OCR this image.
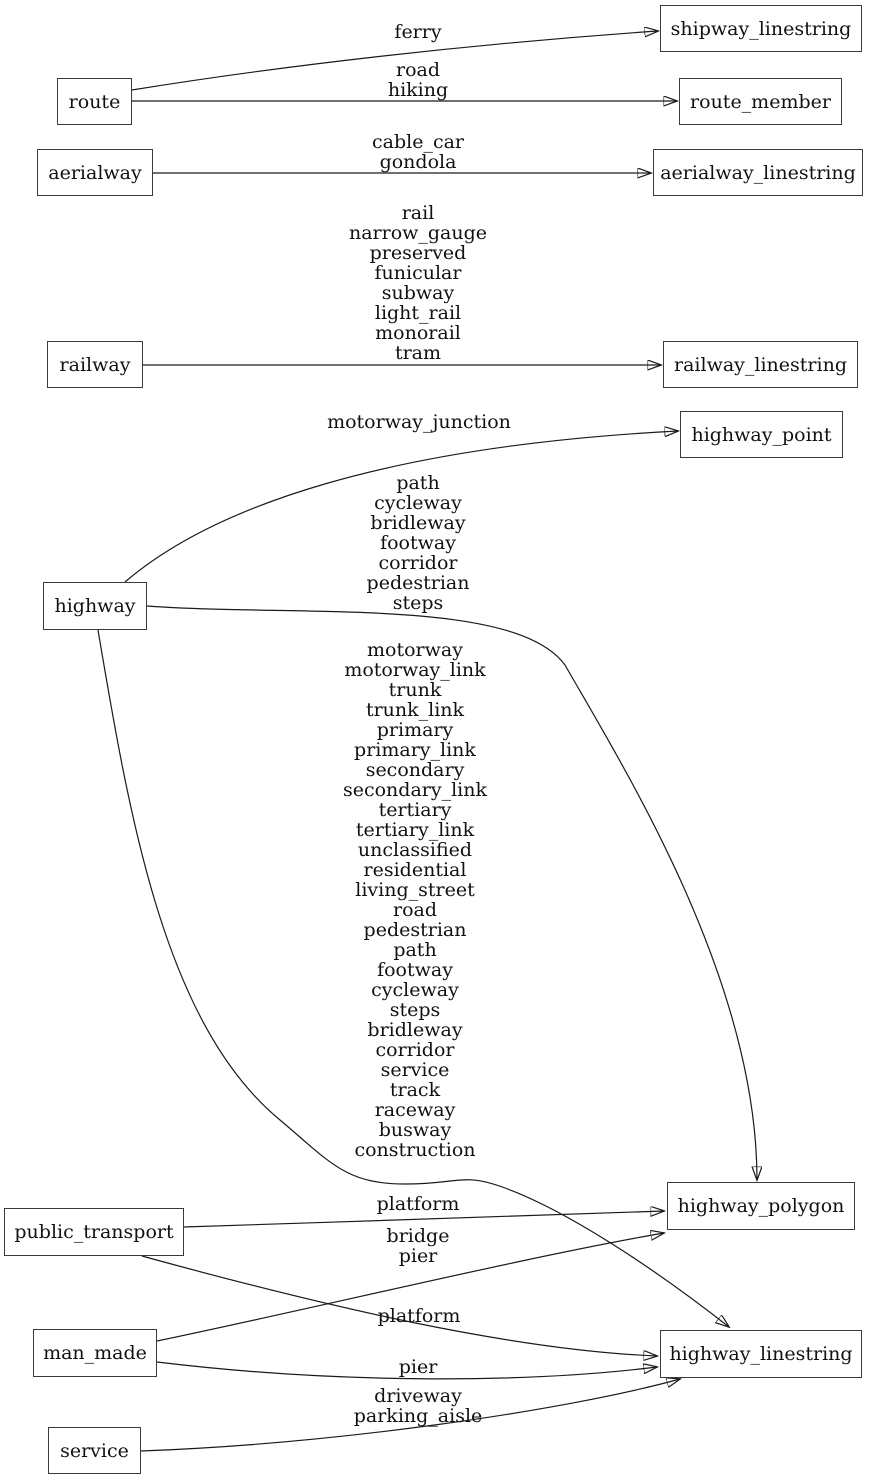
route
shipway_linestring
route_member
aerialway	aerialway_linestring
railway	railway_linestring
highway_point
highway
highway_polygon
public_transport
man_made	highway_linestring
service
ferry
road
hiking
cable_car
gondola
rail
narrow_gauge
preserved
funicular
subway
light_rail
monorail
tram
motorway_junction
path
cycleway
bridleway
footway
corridor
pedestrian
steps
motorway
motorway_link
trunk
trunk_link
primary
primary_link
secondary
secondary_link
tertiary
tertiary_link
unclassified
residential
living_street
road
pedestrian
path
footway
cycleway
steps
bridleway
corridor
service
track
raceway
busway
construction
platform
bridge
pier
platform
pier
driveway
parking_aisle
